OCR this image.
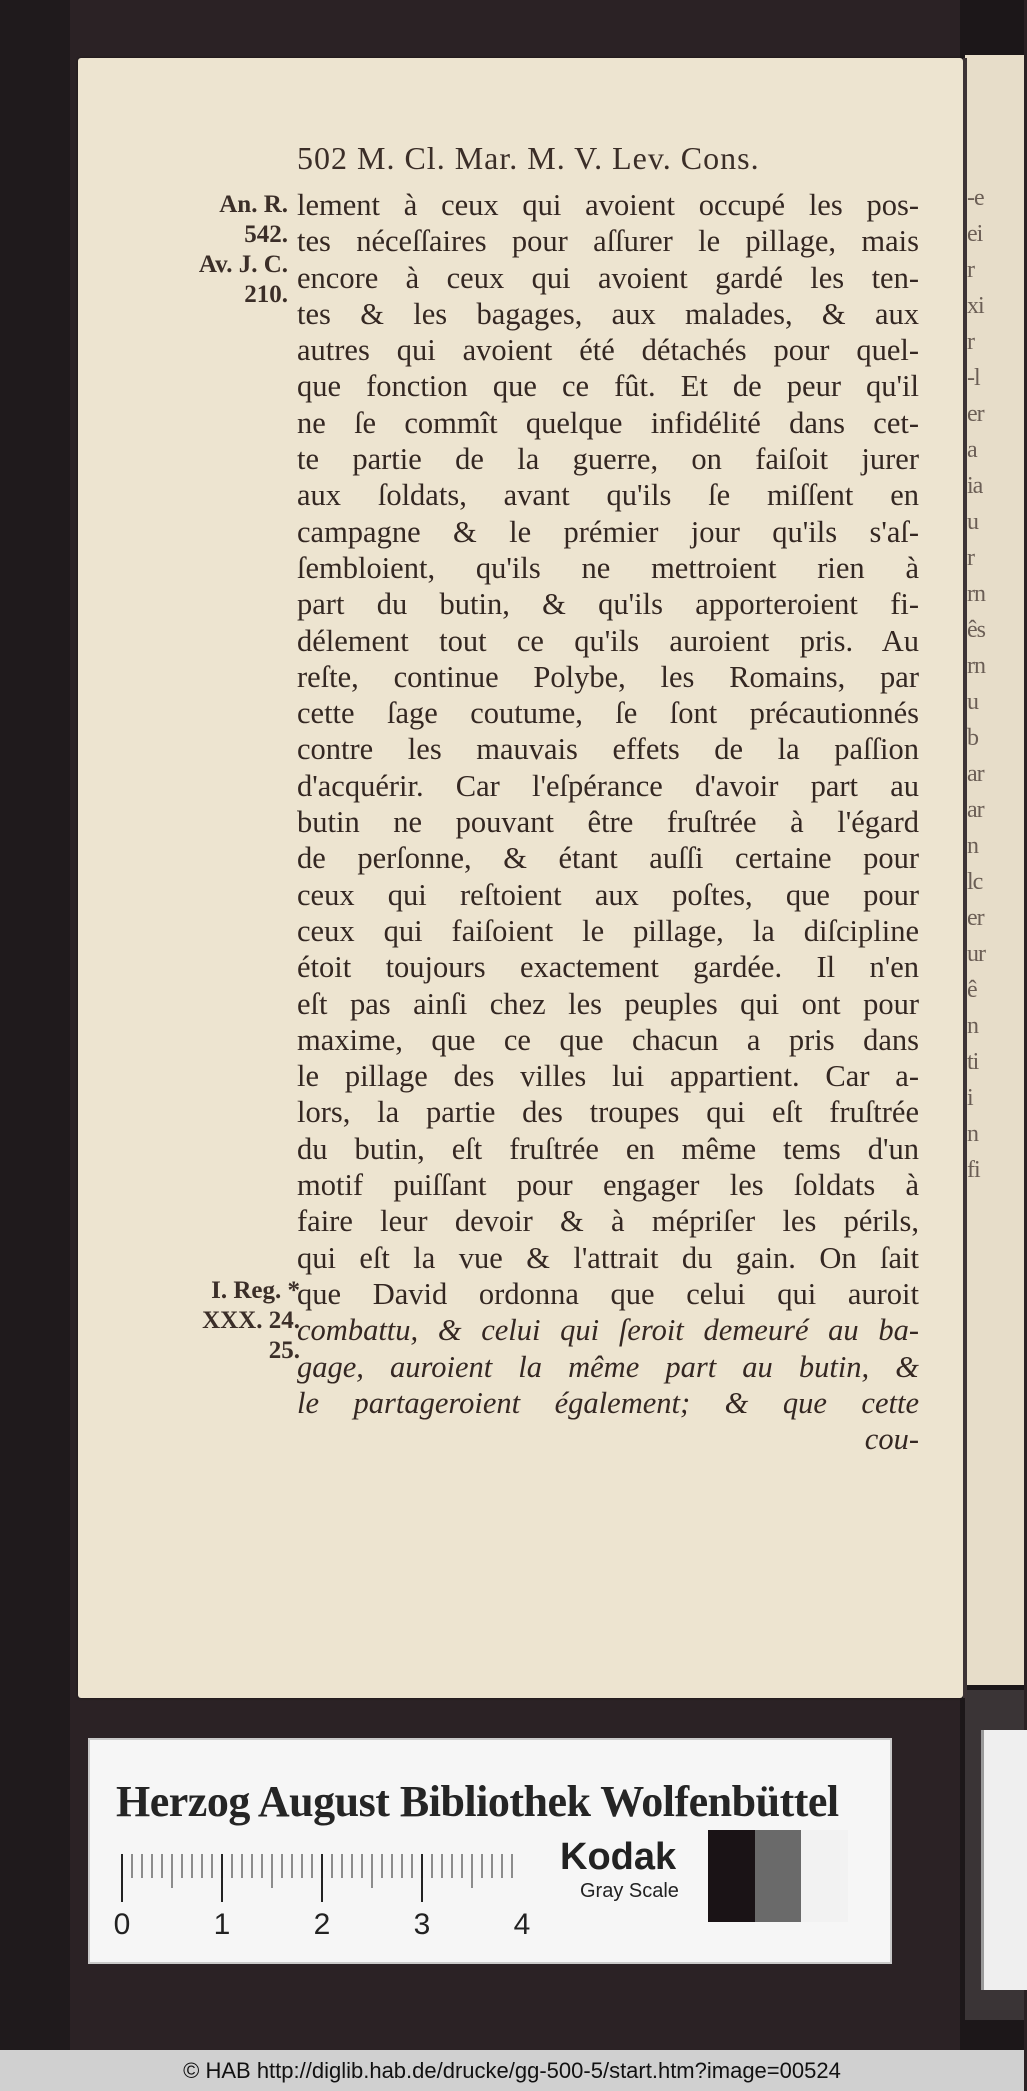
-e
ei
r
xi
r
-l
er
a
ia
u
r
rn
ês
rn
u
b
ar
ar
n
lc
er
ur
ê
n
ti
i
n
fi
502 M. Cl. Mar. M. V. Lev. Cons.
An. R.
542.
Av. J. C.
210.
I. Reg. *
XXX. 24.
25.
lement à ceux qui avoient occupé les pos-
tes néceſſaires pour aſſurer le pillage, mais
encore à ceux qui avoient gardé les ten-
tes & les bagages, aux malades, & aux
autres qui avoient été détachés pour quel-
que fonction que ce fût. Et de peur qu'il
ne ſe commît quelque infidélité dans cet-
te partie de la guerre, on faiſoit jurer
aux ſoldats, avant qu'ils ſe miſſent en
campagne & le prémier jour qu'ils s'aſ-
ſembloient, qu'ils ne mettroient rien à
part du butin, & qu'ils apporteroient fi-
délement tout ce qu'ils auroient pris. Au
reſte, continue Polybe, les Romains, par
cette ſage coutume, ſe ſont précautionnés
contre les mauvais effets de la paſſion
d'acquérir. Car l'eſpérance d'avoir part au
butin ne pouvant être fruſtrée à l'égard
de perſonne, & étant auſſi certaine pour
ceux qui reſtoient aux poſtes, que pour
ceux qui faiſoient le pillage, la diſcipline
étoit toujours exactement gardée. Il n'en
eſt pas ainſi chez les peuples qui ont pour
maxime, que ce que chacun a pris dans
le pillage des villes lui appartient. Car a-
lors, la partie des troupes qui eſt fruſtrée
du butin, eſt fruſtrée en même tems d'un
motif puiſſant pour engager les ſoldats à
faire leur devoir & à mépriſer les périls,
qui eſt la vue & l'attrait du gain. On ſait
que David ordonna que celui qui auroit
combattu, & celui qui ſeroit demeuré au ba-
gage, auroient la même part au butin, &
le partageroient également; & que cette
cou-
Herzog August Bibliothek Wolfenbüttel
0	1	2	3	4
Kodak
Gray Scale
© HAB http://diglib.hab.de/drucke/gg-500-5/start.htm?image=00524
